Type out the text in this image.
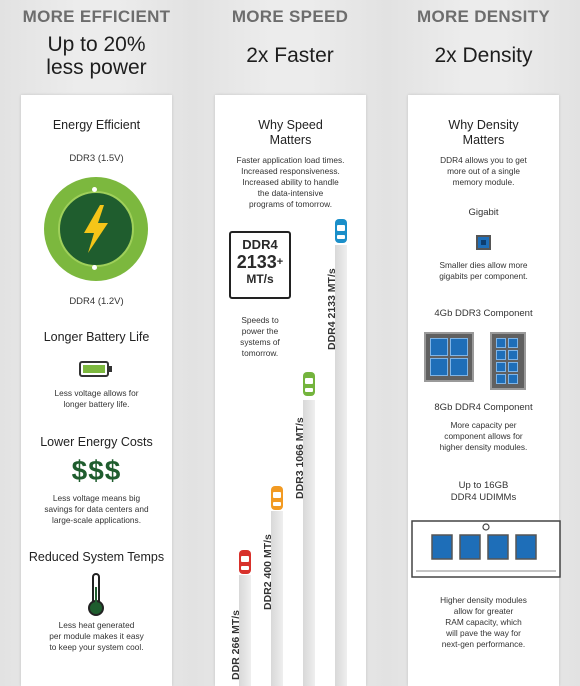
MORE EFFICIENT
Up to 20%
less power
Energy Efficient
DDR3 (1.5V)
DDR4 (1.2V)
Longer Battery Life
Less voltage allows for
longer battery life.
Lower Energy Costs
$$$
Less voltage means big
savings for data centers and
large-scale applications.
Reduced System Temps
Less heat generated
per module makes it easy
to keep your system cool.
MORE SPEED
2x Faster
Why Speed
Matters
Faster application load times.
Increased responsiveness.
Increased ability to handle
the data-intensive
programs of tomorrow.
DDR4
2133+
MT/s
Speeds to
power the
systems of
tomorrow.
DDR 266 MT/s
DDR2 400 MT/s
DDR3 1066 MT/s
DDR4 2133 MT/s
MORE DENSITY
2x Density
Why Density
Matters
DDR4 allows you to get
more out of a single
memory module.
Gigabit
Smaller dies allow more
gigabits per component.
4Gb DDR3 Component
8Gb DDR4 Component
More capacity per
component allows for
higher density modules.
Up to 16GB
DDR4 UDIMMs
Higher density modules
allow for greater
RAM capacity, which
will pave the way for
next-gen performance.
